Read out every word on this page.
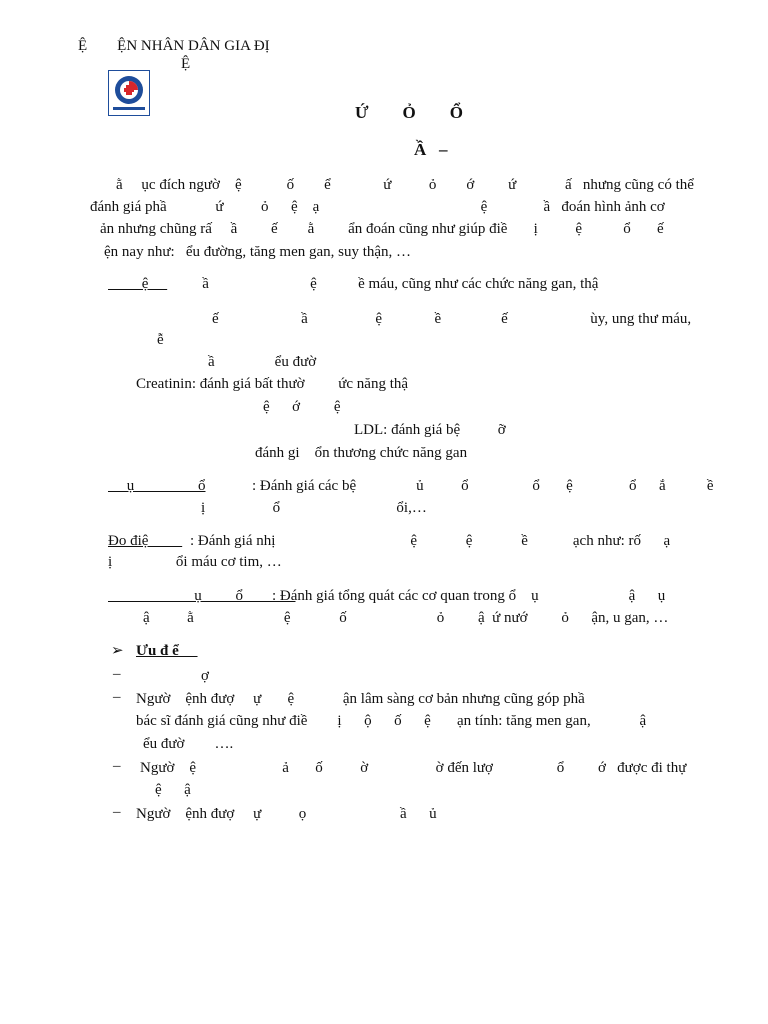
Ệ        ỆN NHÂN DÂN GIA ĐỊ
Ệ
Ứ        Ỏ        Ổ
Ầ   –
ằ     ục đích ngườ    ệ            ố        ể              ứ          ỏ        ớ         ứ             ấ   nhưng cũng có thể
đánh giá phầ             ứ          ỏ      ệ    ạ                                           ệ               ầ   đoán hình ảnh cơ
ản nhưng chũng rấ     ầ         ế        ằ         ẩn đoán cũng như giúp điề       ị          ệ           ổ       ế
ện nay như:   ểu đường, tăng men gan, suy thận, …
ệ ầ                           ệ           ề máu, cũng như các chức năng gan, thậ
ế                      ầ                  ệ              ề                ế                      ùy, ung thư máu,
ễ
ầ                ểu đườ
Creatinin: đánh giá bất thườ         ức năng thậ
ệ      ớ         ệ
LDL: đánh giá bệ          ỡ
đánh gi    ổn thương chức năng gan
ụ                 ổ	: Đánh giá các bệ                ủ          ổ                 ổ       ệ               ổ      ắ           ề
ị                  ổ                               ổi,…
Đo điệ : Đánh giá nhị                                    ệ             ệ             ề            ạch như: rố      ạ
ị                 ổi máu cơ tim, …
ụ         ổ
: Đánh giá tổng quát các cơ quan trong ổ    ụ                        ậ      ụ
ậ          ằ                        ệ             ố                        ỏ         ậ  ứ nướ         ỏ      ận, u gan, …
➢ Ưu đ ể
–	ợ
– Ngườ    ệnh đượ     ự       ệ             ận lâm sàng cơ bản nhưng cũng góp phầ
bác sĩ đánh giá cũng như điề        ị      ộ      ố      ệ       ạn tính: tăng men gan,             ậ
ểu đườ        ….
– Ngườ    ệ                       ả       ố          ờ                  ờ đến lượ                 ổ         ớ   được đi thự
ệ      ậ
– Ngườ    ệnh đượ     ự          ọ                         ầ      ủ
